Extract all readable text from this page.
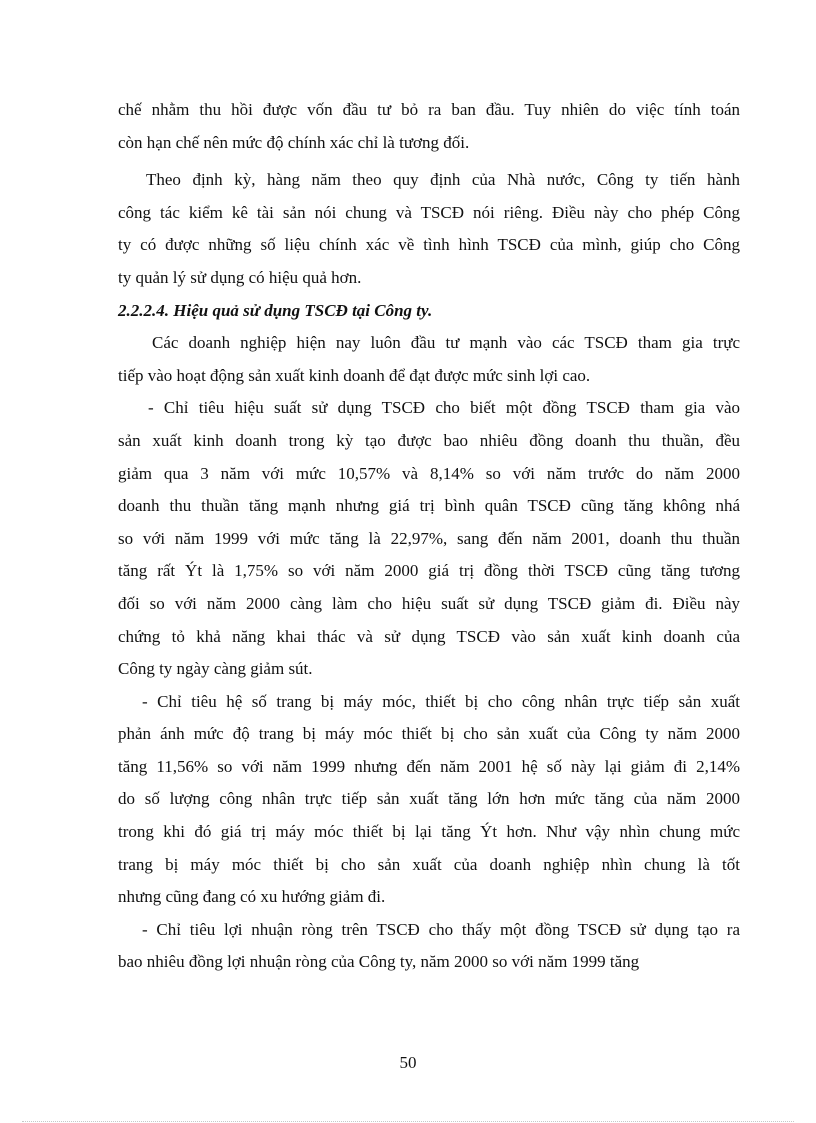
chế nhằm thu hồi được vốn đầu tư bỏ ra ban đầu. Tuy nhiên do việc tính toán
còn hạn chế nên mức độ chính xác chỉ là tương đối.
Theo định kỳ, hàng năm theo quy định của Nhà nước, Công ty tiến hành
công tác kiểm kê tài sản nói chung và TSCĐ nói riêng. Điều này cho phép Công
ty có được những số liệu chính xác về tình hình TSCĐ của mình, giúp cho Công
ty quản lý sử dụng có hiệu quả hơn.
2.2.2.4. Hiệu quả sử dụng TSCĐ tại Công ty.
Các doanh nghiệp hiện nay luôn đầu tư mạnh vào các TSCĐ tham gia trực
tiếp vào hoạt động sản xuất kinh doanh để đạt được mức sinh lợi cao.
- Chỉ tiêu hiệu suất sử dụng TSCĐ cho biết một đồng TSCĐ tham gia vào
sản xuất kinh doanh trong kỳ tạo được bao nhiêu đồng doanh thu thuần, đều
giảm qua 3 năm với mức 10,57% và 8,14% so với năm trước do năm 2000
doanh thu thuần tăng mạnh nhưng giá trị bình quân TSCĐ cũng tăng không nhá
so với năm 1999 với mức tăng là 22,97%, sang đến năm 2001, doanh thu thuần
tăng rất Ýt là 1,75% so với năm 2000 giá trị đồng thời TSCĐ cũng tăng tương
đối so với năm 2000 càng làm cho hiệu suất sử dụng TSCĐ giảm đi. Điều này
chứng tỏ khả năng khai thác và sử dụng TSCĐ vào sản xuất kinh doanh của
Công ty ngày càng giảm sút.
- Chỉ tiêu hệ số trang bị máy móc, thiết bị cho công nhân trực tiếp sản xuất
phản ánh mức độ trang bị máy móc thiết bị cho sản xuất của Công ty năm 2000
tăng 11,56% so với năm 1999 nhưng đến năm 2001 hệ số này lại giảm đi 2,14%
do số lượng công nhân trực tiếp sản xuất tăng lớn hơn mức tăng của năm 2000
trong khi đó giá trị máy móc thiết bị lại tăng Ýt hơn. Như vậy nhìn chung mức
trang bị máy móc thiết bị cho sản xuất của doanh nghiệp nhìn chung là tốt
nhưng cũng đang có xu hướng giảm đi.
- Chỉ tiêu lợi nhuận ròng trên TSCĐ cho thấy một đồng TSCĐ sử dụng tạo ra
bao nhiêu đồng lợi nhuận ròng của Công ty, năm 2000 so với năm 1999 tăng
50
